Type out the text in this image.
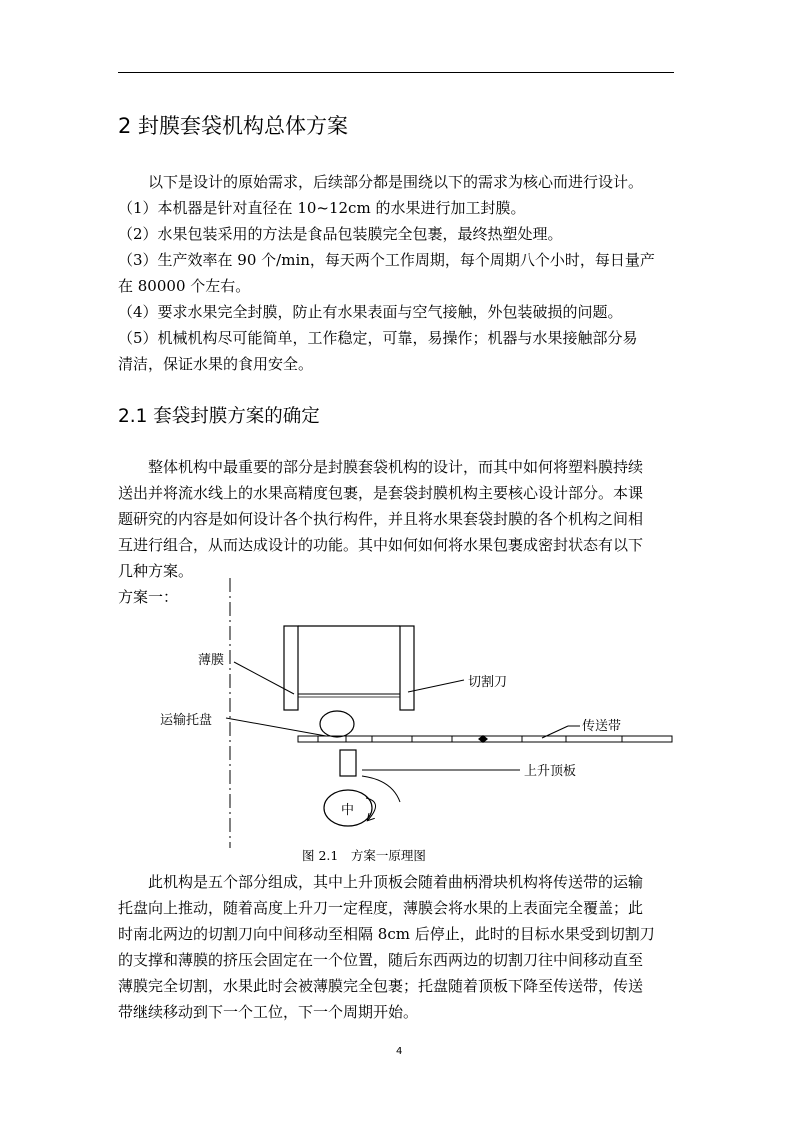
2 封膜套袋机构总体方案
　　以下是设计的原始需求，后续部分都是围绕以下的需求为核心而进行设计。
（1）本机器是针对直径在 10~12cm 的水果进行加工封膜。
（2）水果包装采用的方法是食品包装膜完全包裹，最终热塑处理。
（3）生产效率在 90 个/min，每天两个工作周期，每个周期八个小时，每日量产
在 80000 个左右。
（4）要求水果完全封膜，防止有水果表面与空气接触，外包装破损的问题。
（5）机械机构尽可能简单，工作稳定，可靠，易操作；机器与水果接触部分易
清洁，保证水果的食用安全。
2.1 套袋封膜方案的确定
　　整体机构中最重要的部分是封膜套袋机构的设计，而其中如何将塑料膜持续
送出并将流水线上的水果高精度包裹，是套袋封膜机构主要核心设计部分。本课
题研究的内容是如何设计各个执行构件，并且将水果套袋封膜的各个机构之间相
互进行组合，从而达成设计的功能。其中如何如何将水果包裹成密封状态有以下
几种方案。

方案一：

薄膜
切割刀
运输托盘	传送带
上升顶板
中

图 2.1　方案一原理图

　　此机构是五个部分组成，其中上升顶板会随着曲柄滑块机构将传送带的运输
托盘向上推动，随着高度上升刀一定程度，薄膜会将水果的上表面完全覆盖；此
时南北两边的切割刀向中间移动至相隔 8cm 后停止，此时的目标水果受到切割刀
的支撑和薄膜的挤压会固定在一个位置，随后东西两边的切割刀往中间移动直至
薄膜完全切割，水果此时会被薄膜完全包裹；托盘随着顶板下降至传送带，传送
带继续移动到下一个工位，下一个周期开始。
4
